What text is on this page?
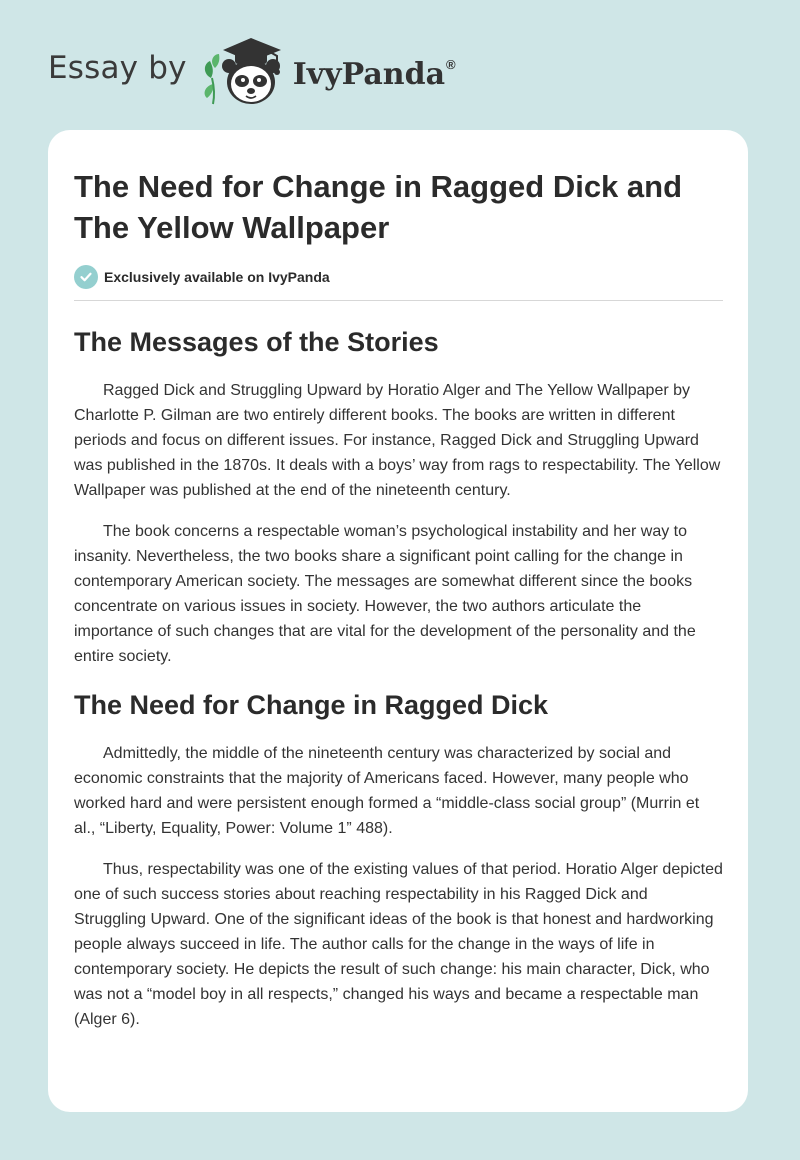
Essay by	IvyPanda®
The Need for Change in Ragged Dick and The Yellow Wallpaper
Exclusively available on IvyPanda
The Messages of the Stories

Ragged Dick and Struggling Upward by Horatio Alger and The Yellow Wallpaper by Charlotte P. Gilman are two entirely different books. The books are written in different periods and focus on different issues. For instance, Ragged Dick and Struggling Upward was published in the 1870s. It deals with a boys’ way from rags to respectability. The Yellow Wallpaper was published at the end of the nineteenth century.

The book concerns a respectable woman’s psychological instability and her way to insanity. Nevertheless, the two books share a significant point calling for the change in contemporary American society. The messages are somewhat different since the books concentrate on various issues in society. However, the two authors articulate the importance of such changes that are vital for the development of the personality and the entire society.

The Need for Change in Ragged Dick

Admittedly, the middle of the nineteenth century was characterized by social and economic constraints that the majority of Americans faced. However, many people who worked hard and were persistent enough formed a “middle-class social group” (Murrin et al., “Liberty, Equality, Power: Volume 1” 488).

Thus, respectability was one of the existing values of that period. Horatio Alger depicted one of such success stories about reaching respectability in his Ragged Dick and Struggling Upward. One of the significant ideas of the book is that honest and hardworking people always succeed in life. The author calls for the change in the ways of life in contemporary society. He depicts the result of such change: his main character, Dick, who was not a “model boy in all respects,” changed his ways and became a respectable man (Alger 6).
